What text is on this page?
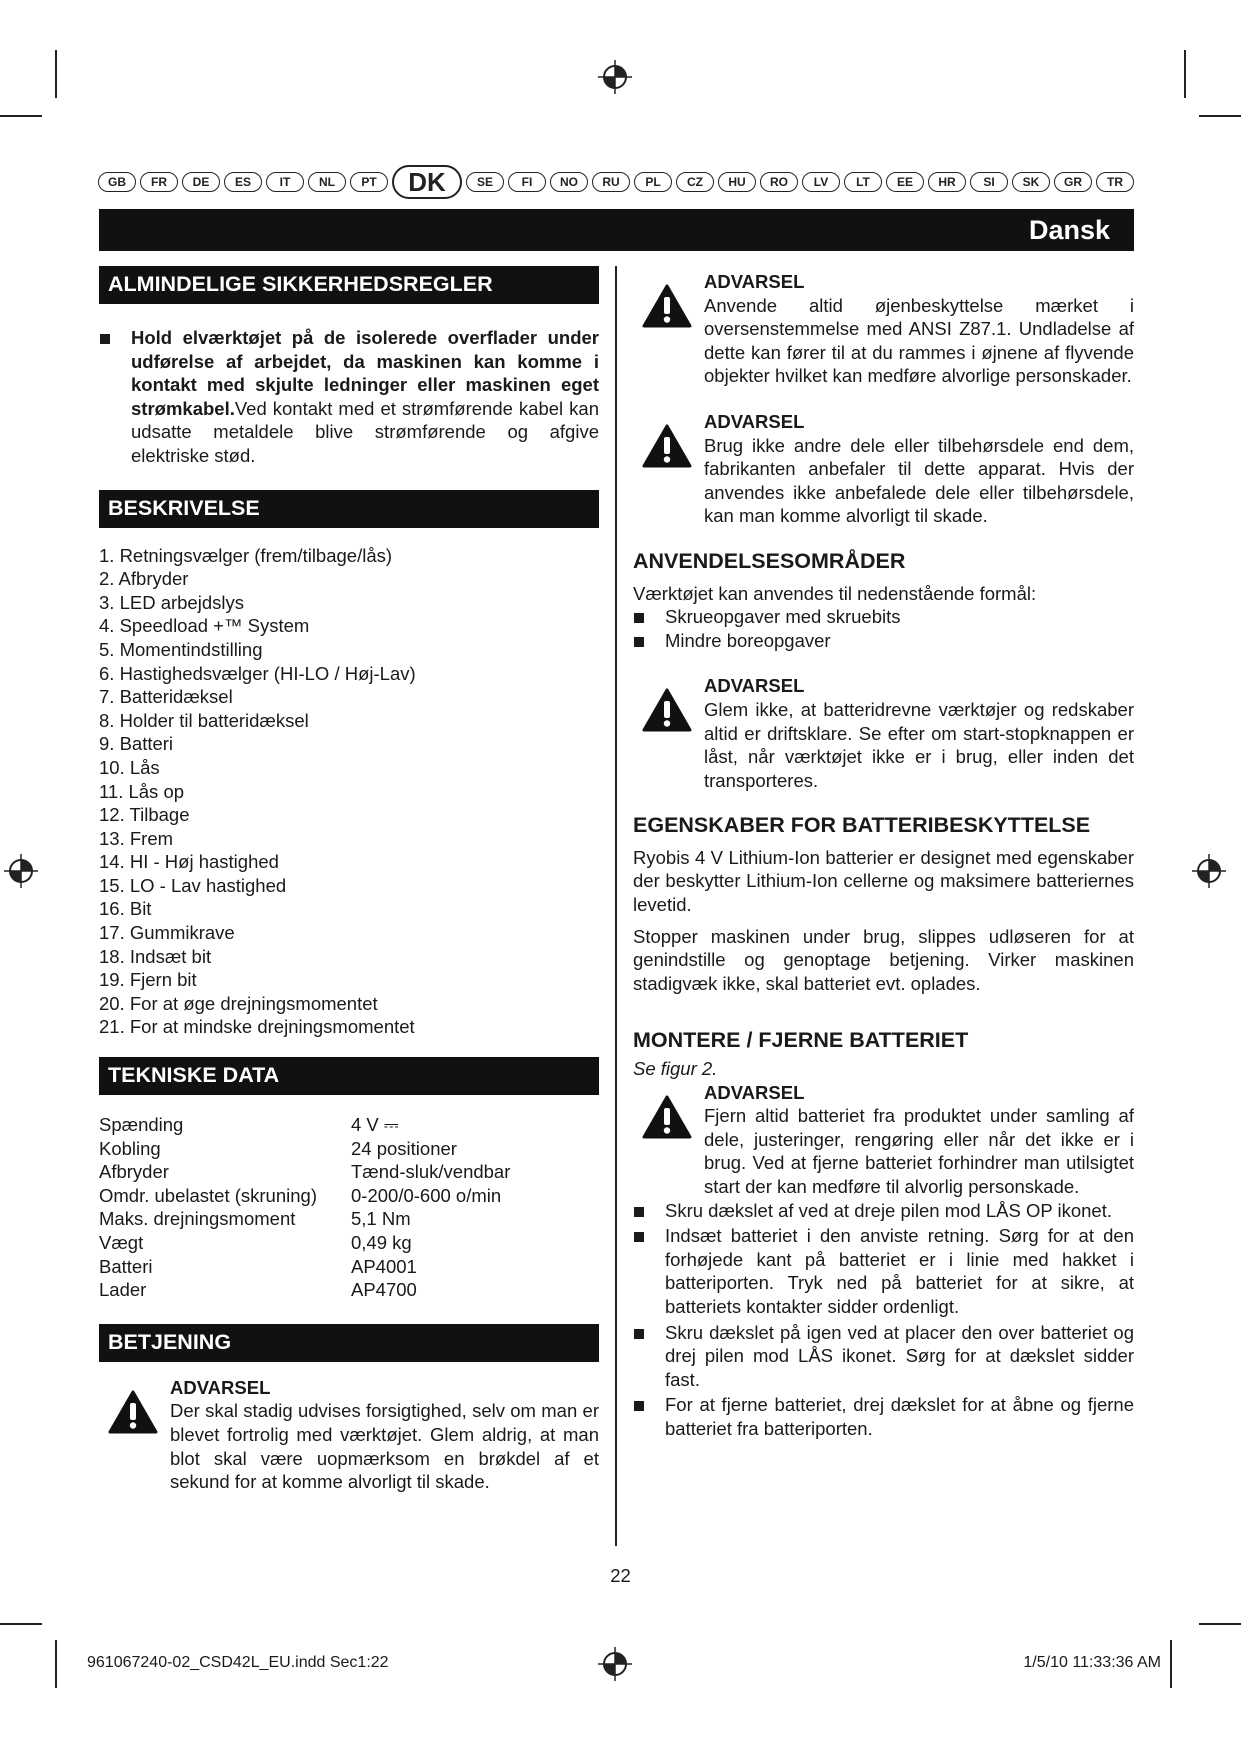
GB	FR	DE	ES	IT	NL	PT	DK	SE	FI	NO	RU	PL	CZ	HU	RO	LV	LT	EE	HR	SI	SK	GR	TR
Dansk
ALMINDELIGE SIKKERHEDSREGLER

Hold elværktøjet på de isolerede overflader under udførelse af arbejdet, da maskinen kan komme i kontakt med skjulte ledninger eller maskinen eget strømkabel.Ved kontakt med et strømførende kabel kan udsatte metaldele blive strømførende og afgive elektriske stød.

BESKRIVELSE
1. Retningsvælger (frem/tilbage/lås)
2. Afbryder
3. LED arbejdslys
4. Speedload +™ System
5. Momentindstilling
6. Hastighedsvælger (HI-LO / Høj-Lav)
7. Batteridæksel
8. Holder til batteridæksel
9. Batteri
10. Lås
11. Lås op
12. Tilbage
13. Frem
14. HI - Høj hastighed
15. LO - Lav hastighed
16. Bit
17. Gummikrave
18. Indsæt bit
19. Fjern bit
20. For at øge drejningsmomentet
21. For at mindske drejningsmomentet
TEKNISKE DATA
Spænding	4 V ⎓
Kobling	24 positioner
Afbryder	Tænd-sluk/vendbar
Omdr. ubelastet (skruning)	0-200/0-600 o/min
Maks. drejningsmoment	5,1 Nm
Vægt	0,49 kg
Batteri	AP4001
Lader	AP4700
BETJENING
ADVARSEL

Der skal stadig udvises forsigtighed, selv om man er blevet fortrolig med værktøjet. Glem aldrig, at man blot skal være uopmærksom en brøkdel af et sekund for at komme alvorligt til skade.

ADVARSEL

Anvende altid øjenbeskyttelse mærket i oversenstemmelse med ANSI Z87.1. Undladelse af dette kan fører til at du rammes i øjnene af flyvende objekter hvilket kan medføre alvorlige personskader.

ADVARSEL

Brug ikke andre dele eller tilbehørsdele end dem, fabrikanten anbefaler til dette apparat. Hvis der anvendes ikke anbefalede dele eller tilbehørsdele, kan man komme alvorligt til skade.

ANVENDELSESOMRÅDER

Værktøjet kan anvendes til nedenstående formål:

Skrueopgaver med skruebits
Mindre boreopgaver
ADVARSEL

Glem ikke, at batteridrevne værktøjer og redskaber altid er driftsklare. Se efter om start-stopknappen er låst, når værktøjet ikke er i brug, eller inden det transporteres.

EGENSKABER FOR BATTERIBESKYTTELSE

Ryobis 4 V Lithium-Ion batterier er designet med egenskaber der beskytter Lithium-Ion cellerne og maksimere batteriernes levetid.

Stopper maskinen under brug, slippes udløseren for at genindstille og genoptage betjening. Virker maskinen stadigvæk ikke, skal batteriet evt. oplades.

MONTERE / FJERNE BATTERIET
Se figur 2.
ADVARSEL

Fjern altid batteriet fra produktet under samling af dele, justeringer, rengøring eller når det ikke er i brug. Ved at fjerne batteriet forhindrer man utilsigtet start der kan medføre til alvorlig personskade.

Skru dækslet af ved at dreje pilen mod LÅS OP ikonet.

Indsæt batteriet i den anviste retning. Sørg for at den forhøjede kant på batteriet er i linie med hakket i batteriporten. Tryk ned på batteriet for at sikre, at batteriets kontakter sidder ordenligt.

Skru dækslet på igen ved at placer den over batteriet og drej pilen mod LÅS ikonet. Sørg for at dækslet sidder fast.

For at fjerne batteriet, drej dækslet for at åbne og fjerne batteriet fra batteriporten.

22
961067240-02_CSD42L_EU.indd Sec1:22	1/5/10 11:33:36 AM
